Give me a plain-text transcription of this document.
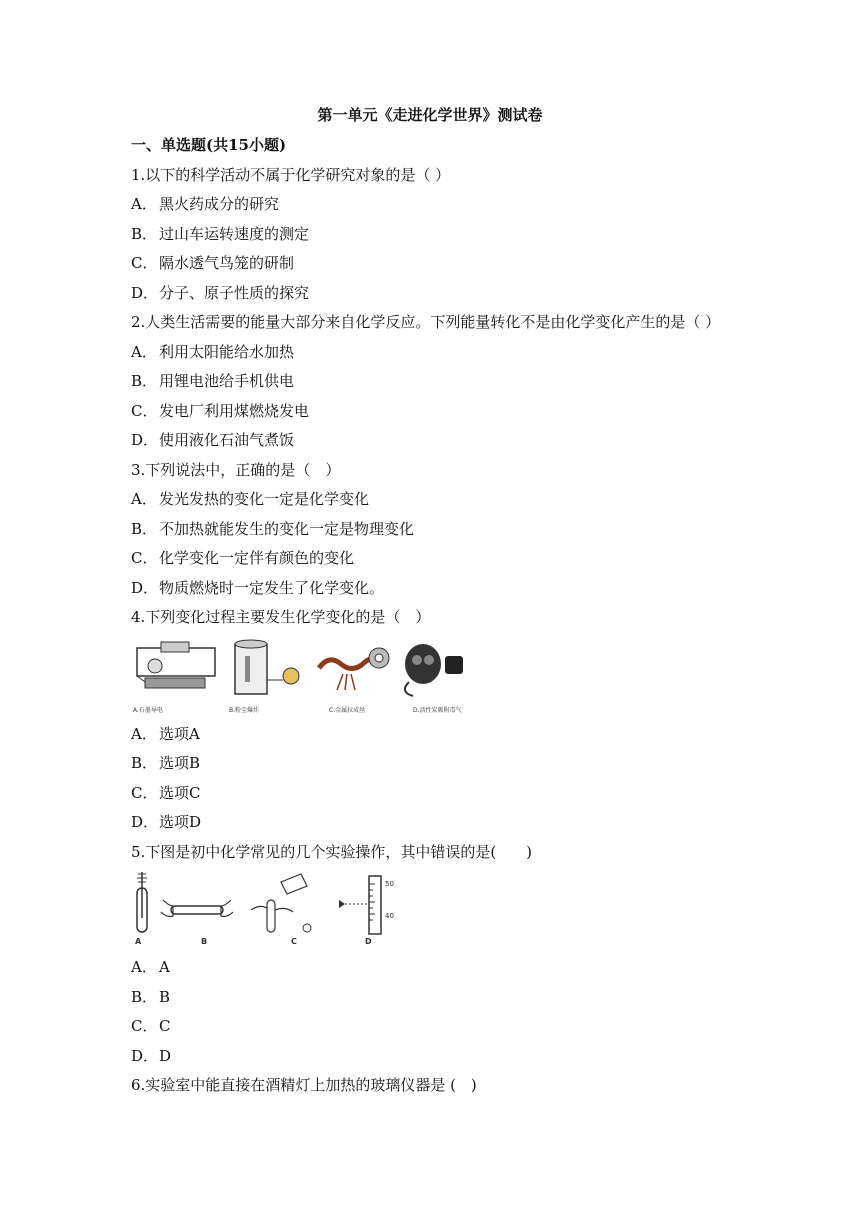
第一单元《走进化学世界》测试卷
一、单选题(共15小题)
1.以下的科学活动不属于化学研究对象的是（ ）
A． 黑火药成分的研究
B． 过山车运转速度的测定
C． 隔水透气鸟笼的研制
D．分子、原子性质的探究
2.人类生活需要的能量大部分来自化学反应。下列能量转化不是由化学变化产生的是（ ）
A． 利用太阳能给水加热
B． 用锂电池给手机供电
C． 发电厂利用煤燃烧发电
D．使用液化石油气煮饭
3.下列说法中，正确的是（　）
A． 发光发热的变化一定是化学变化
B． 不加热就能发生的变化一定是物理变化
C． 化学变化一定伴有颜色的变化
D．物质燃烧时一定发生了化学变化。
4.下列变化过程主要发生化学变化的是（　）
A.石墨导电	B.粉尘爆炸	C.金属拉成丝	D.活性炭吸附毒气
A． 选项A
B． 选项B
C． 选项C
D．选项D
5.下图是初中化学常见的几个实验操作，其中错误的是(　　)
50
40
A	B	C	D
A． A
B． B
C． C
D．D
6.实验室中能直接在酒精灯上加热的玻璃仪器是 (　)
